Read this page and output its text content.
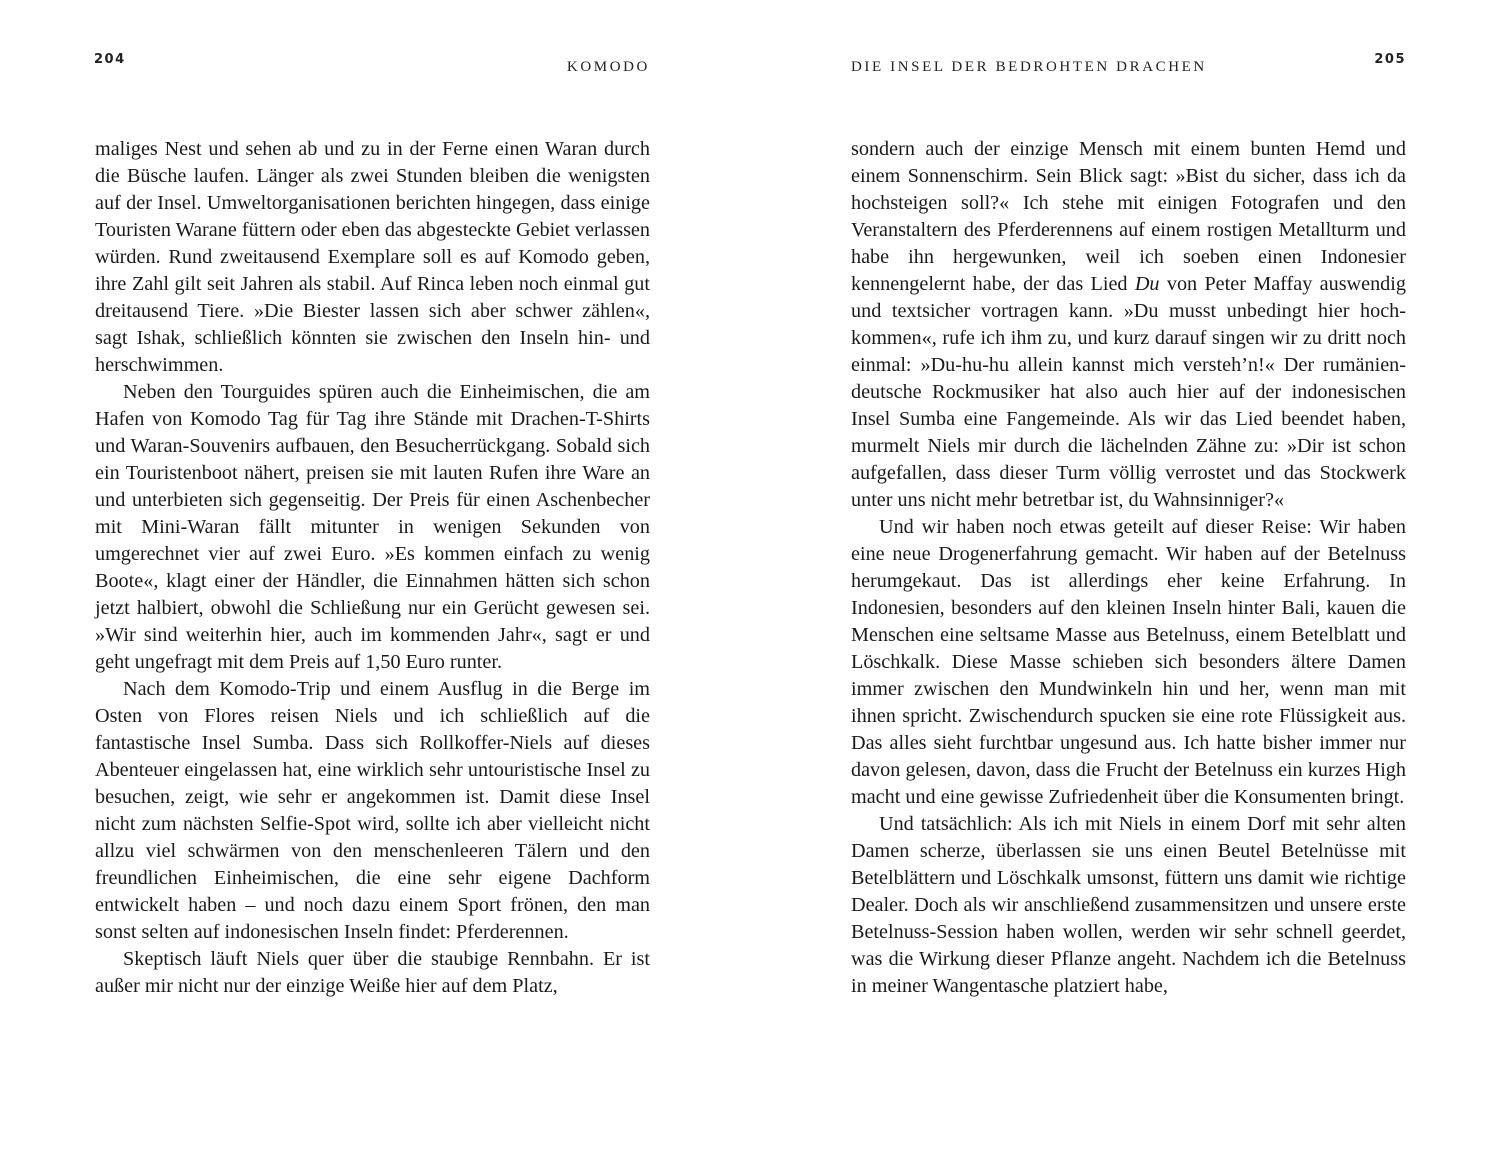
204	KOMODO

maliges Nest und sehen ab und zu in der Ferne einen Waran durch die Büsche laufen. Länger als zwei Stunden bleiben die wenigsten auf der Insel. Umweltorganisationen berichten hingegen, dass einige Touristen Warane füttern oder eben das abgesteckte Gebiet verlassen würden. Rund zweitausend Exemplare soll es auf Komodo geben, ihre Zahl gilt seit Jahren als stabil. Auf Rinca leben noch einmal gut dreitausend Tiere. »Die Biester lassen sich aber schwer zählen«, sagt Ishak, schließlich könnten sie zwischen den Inseln hin- und herschwimmen.

Neben den Tourguides spüren auch die Einheimischen, die am Hafen von Komodo Tag für Tag ihre Stände mit Drachen-T-Shirts und Waran-Souvenirs aufbauen, den Besucherrückgang. Sobald sich ein Touristenboot nähert, preisen sie mit lauten Rufen ihre Ware an und unterbieten sich gegenseitig. Der Preis für einen Aschenbecher mit Mini-Waran fällt mitunter in wenigen Sekunden von umgerechnet vier auf zwei Euro. »Es kommen einfach zu wenig Boote«, klagt einer der Händler, die Einnahmen hätten sich schon jetzt halbiert, obwohl die Schließung nur ein Gerücht gewesen sei. »Wir sind weiterhin hier, auch im kommenden Jahr«, sagt er und geht ungefragt mit dem Preis auf 1,50 Euro runter.

Nach dem Komodo-Trip und einem Ausflug in die Berge im Osten von Flores reisen Niels und ich schließlich auf die fantastische Insel Sumba. Dass sich Rollkoffer-Niels auf dieses Abenteuer eingelassen hat, eine wirklich sehr untouristische Insel zu besuchen, zeigt, wie sehr er angekommen ist. Damit diese Insel nicht zum nächsten Selfie-Spot wird, sollte ich aber vielleicht nicht allzu viel schwärmen von den menschenleeren Tälern und den freundlichen Einheimischen, die eine sehr eigene Dachform entwickelt haben – und noch dazu einem Sport frönen, den man sonst selten auf indonesischen Inseln findet: Pferderennen.

Skeptisch läuft Niels quer über die staubige Rennbahn. Er ist außer mir nicht nur der einzige Weiße hier auf dem Platz,

205
DIE INSEL DER BEDROHTEN DRACHEN

sondern auch der einzige Mensch mit einem bunten Hemd und einem Sonnenschirm. Sein Blick sagt: »Bist du sicher, dass ich da hochsteigen soll?« Ich stehe mit einigen Fotografen und den Veranstaltern des Pferderennens auf einem rostigen Metallturm und habe ihn hergewunken, weil ich soeben einen Indonesier kennengelernt habe, der das Lied Du von Peter Maffay auswendig und textsicher vortragen kann. »Du musst unbedingt hier hochkommen«, rufe ich ihm zu, und kurz darauf singen wir zu dritt noch einmal: »Du-hu-hu allein kannst mich versteh’n!« Der rumäniendeutsche Rockmusiker hat also auch hier auf der indonesischen Insel Sumba eine Fangemeinde. Als wir das Lied beendet haben, murmelt Niels mir durch die lächelnden Zähne zu: »Dir ist schon aufgefallen, dass dieser Turm völlig verrostet und das Stockwerk unter uns nicht mehr betretbar ist, du Wahnsinniger?«

Und wir haben noch etwas geteilt auf dieser Reise: Wir haben eine neue Drogenerfahrung gemacht. Wir haben auf der Betelnuss herumgekaut. Das ist allerdings eher keine Erfahrung. In Indonesien, besonders auf den kleinen Inseln hinter Bali, kauen die Menschen eine seltsame Masse aus Betelnuss, einem Betelblatt und Löschkalk. Diese Masse schieben sich besonders ältere Damen immer zwischen den Mundwinkeln hin und her, wenn man mit ihnen spricht. Zwischendurch spucken sie eine rote Flüssigkeit aus. Das alles sieht furchtbar ungesund aus. Ich hatte bisher immer nur davon gelesen, davon, dass die Frucht der Betelnuss ein kurzes High macht und eine gewisse Zufriedenheit über die Konsumenten bringt.

Und tatsächlich: Als ich mit Niels in einem Dorf mit sehr alten Damen scherze, überlassen sie uns einen Beutel Betelnüsse mit Betelblättern und Löschkalk umsonst, füttern uns damit wie richtige Dealer. Doch als wir anschließend zusammensitzen und unsere erste Betelnuss-Session haben wollen, werden wir sehr schnell geerdet, was die Wirkung dieser Pflanze angeht. Nachdem ich die Betelnuss in meiner Wangentasche platziert habe,
